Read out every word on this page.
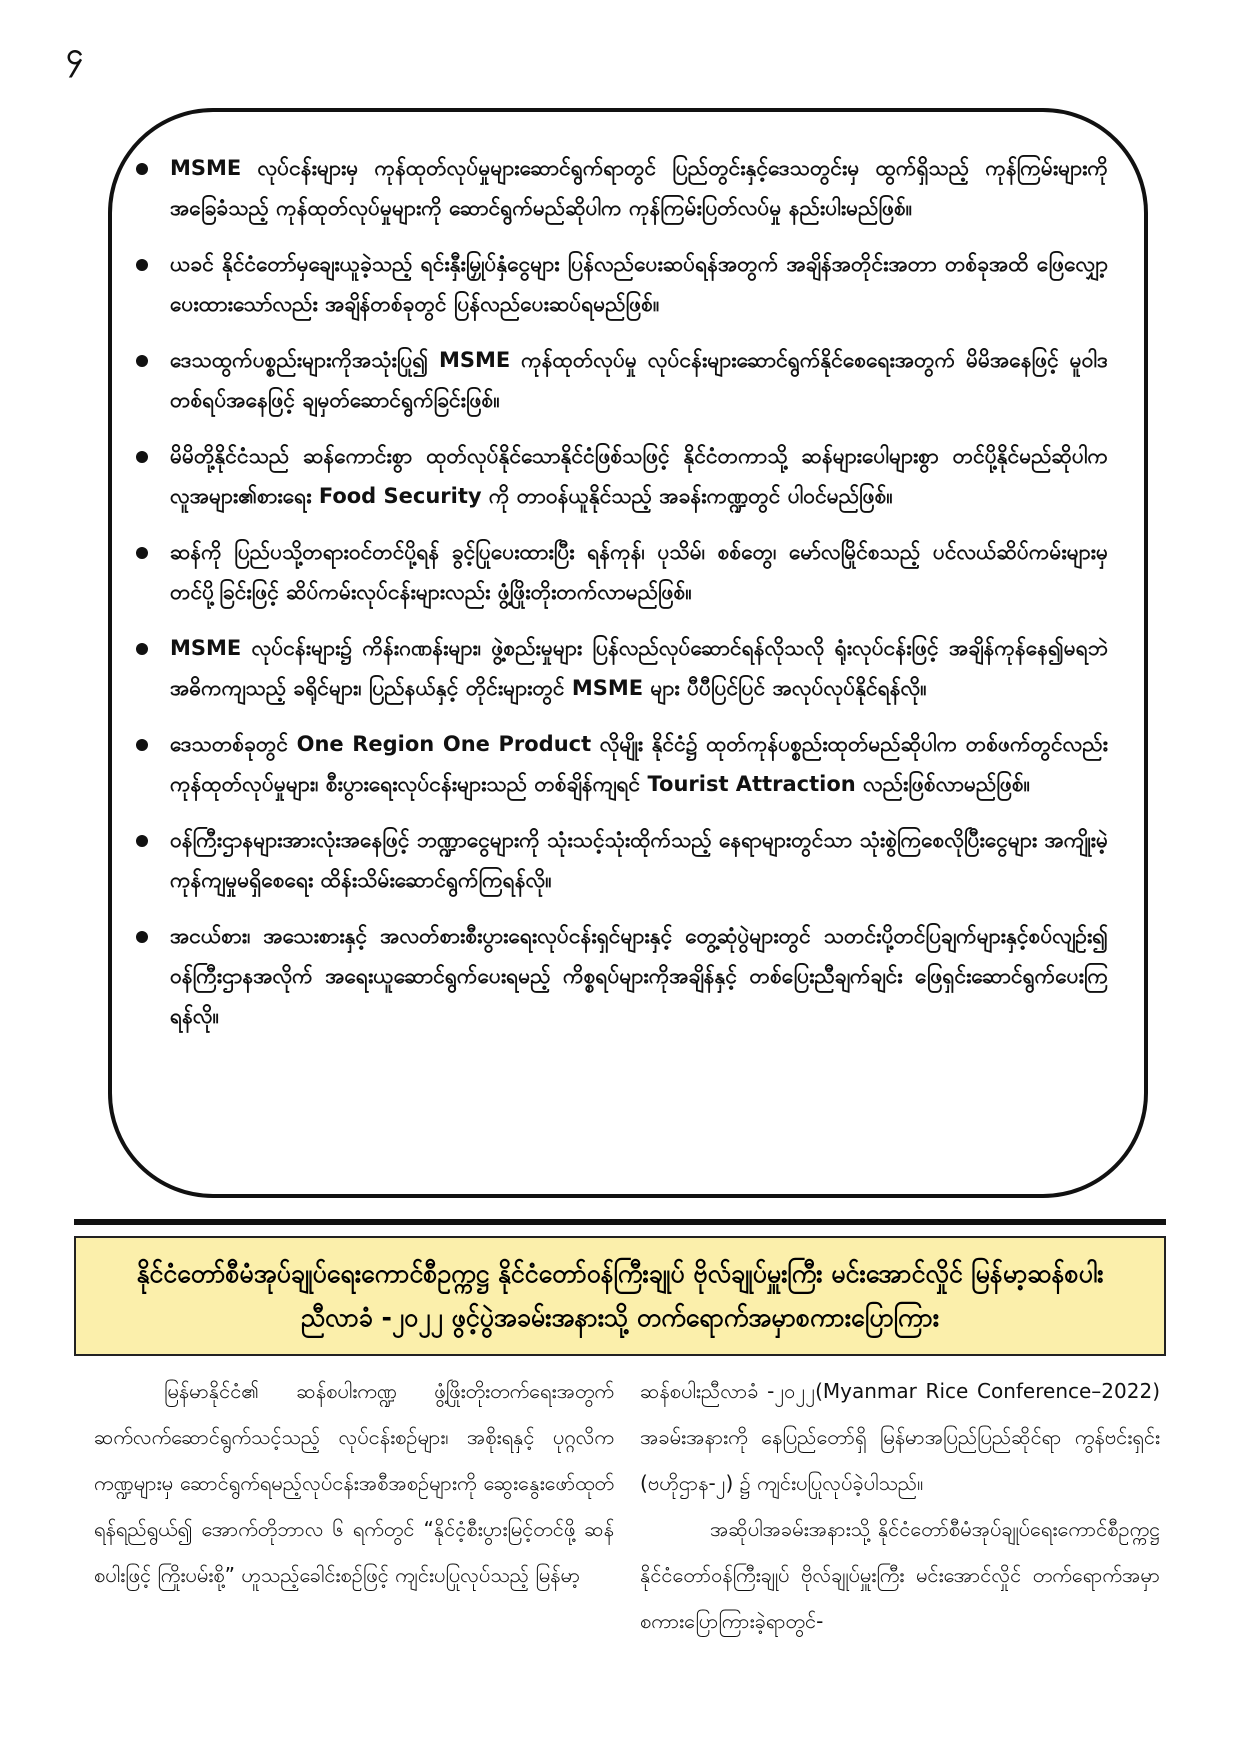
၄
MSME လုပ်ငန်းများမှ ကုန်ထုတ်လုပ်မှုများဆောင်ရွက်ရာတွင် ပြည်တွင်းနှင့်ဒေသတွင်းမှ ထွက်ရှိသည့် ကုန်ကြမ်းများကို အခြေခံသည့် ကုန်ထုတ်လုပ်မှုများကို ဆောင်ရွက်မည်ဆိုပါက ကုန်ကြမ်းပြတ်လပ်မှု နည်းပါးမည်ဖြစ်။
ယခင် နိုင်ငံတော်မှချေးယူခဲ့သည့် ရင်းနှီးမြှုပ်နှံငွေများ ပြန်လည်ပေးဆပ်ရန်အတွက် အချိန်အတိုင်းအတာ တစ်ခုအထိ ဖြေလျှော့ပေးထားသော်လည်း အချိန်တစ်ခုတွင် ပြန်လည်ပေးဆပ်ရမည်ဖြစ်။
ဒေသထွက်ပစ္စည်းများကိုအသုံးပြု၍ MSME ကုန်ထုတ်လုပ်မှု လုပ်ငန်းများဆောင်ရွက်နိုင်စေရေးအတွက် မိမိအနေဖြင့် မူဝါဒတစ်ရပ်အနေဖြင့် ချမှတ်ဆောင်ရွက်ခြင်းဖြစ်။
မိမိတို့နိုင်ငံသည် ဆန်ကောင်းစွာ ထုတ်လုပ်နိုင်သောနိုင်ငံဖြစ်သဖြင့် နိုင်ငံတကာသို့ ဆန်များပေါများစွာ တင်ပို့နိုင်မည်ဆိုပါက လူအများ၏စားရေး Food Security ကို တာဝန်ယူနိုင်သည့် အခန်းကဏ္ဍတွင် ပါဝင်မည်ဖြစ်။
ဆန်ကို ပြည်ပသို့တရားဝင်တင်ပို့ရန် ခွင့်ပြုပေးထားပြီး ရန်ကုန်၊ ပုသိမ်၊ စစ်တွေ၊ မော်လမြိုင်စသည့် ပင်လယ်ဆိပ်ကမ်းများမှ တင်ပို့ခြင်းဖြင့် ဆိပ်ကမ်းလုပ်ငန်းများလည်း ဖွံ့ဖြိုးတိုးတက်လာမည်ဖြစ်။
MSME လုပ်ငန်းများ၌ ကိန်းဂဏန်းများ၊ ဖွဲ့စည်းမှုများ ပြန်လည်လုပ်ဆောင်ရန်လိုသလို ရုံးလုပ်ငန်းဖြင့် အချိန်ကုန်နေ၍မရဘဲ အဓိကကျသည့် ခရိုင်များ၊ ပြည်နယ်နှင့် တိုင်းများတွင် MSME များ ပီပီပြင်ပြင် အလုပ်လုပ်နိုင်ရန်လို။
ဒေသတစ်ခုတွင် One Region One Product လိုမျိုး နိုင်ငံ၌ ထုတ်ကုန်ပစ္စည်းထုတ်မည်ဆိုပါက တစ်ဖက်တွင်လည်း ကုန်ထုတ်လုပ်မှုများ၊ စီးပွားရေးလုပ်ငန်းများသည် တစ်ချိန်ကျရင် Tourist Attraction လည်းဖြစ်လာမည်ဖြစ်။
ဝန်ကြီးဌာနများအားလုံးအနေဖြင့် ဘဏ္ဍာငွေများကို သုံးသင့်သုံးထိုက်သည့် နေရာများတွင်သာ သုံးစွဲကြစေလိုပြီးငွေများ အကျိုးမဲ့ကုန်ကျမှုမရှိစေရေး ထိန်းသိမ်းဆောင်ရွက်ကြရန်လို။
အငယ်စား၊ အသေးစားနှင့် အလတ်စားစီးပွားရေးလုပ်ငန်းရှင်များနှင့် တွေ့ဆုံပွဲများတွင် သတင်းပို့တင်ပြချက်များနှင့်စပ်လျဉ်း၍ ဝန်ကြီးဌာနအလိုက် အရေးယူဆောင်ရွက်ပေးရမည့် ကိစ္စရပ်များကိုအချိန်နှင့် တစ်ပြေးညီချက်ချင်း ဖြေရှင်းဆောင်ရွက်ပေးကြရန်လို။
နိုင်ငံတော်စီမံအုပ်ချုပ်ရေးကောင်စီဥက္ကဋ္ဌ နိုင်ငံတော်ဝန်ကြီးချုပ် ဗိုလ်ချုပ်မှူးကြီး မင်းအောင်လှိုင် မြန်မာ့ဆန်စပါးညီလာခံ -၂၀၂၂ ဖွင့်ပွဲအခမ်းအနားသို့ တက်ရောက်အမှာစကားပြောကြား

မြန်မာနိုင်ငံ၏ ဆန်စပါးကဏ္ဍ ဖွံ့ဖြိုးတိုးတက်ရေးအတွက် ဆက်လက်ဆောင်ရွက်သင့်သည့် လုပ်ငန်းစဉ်များ၊ အစိုးရနှင့် ပုဂ္ဂလိကကဏ္ဍများမှ ဆောင်ရွက်ရမည့်လုပ်ငန်းအစီအစဉ်များကို ဆွေးနွေးဖော်ထုတ်ရန်ရည်ရွယ်၍ အောက်တိုဘာလ ၆ ရက်တွင် “နိုင်ငံ့စီးပွားမြင့်တင်ဖို့ ဆန်စပါးဖြင့် ကြိုးပမ်းစို့” ဟူသည့်ခေါင်းစဉ်ဖြင့် ကျင်းပပြုလုပ်သည့် မြန်မာ့

ဆန်စပါးညီလာခံ -၂၀၂၂(Myanmar Rice Conference–2022) အခမ်းအနားကို နေပြည်တော်ရှိ မြန်မာအပြည်ပြည်ဆိုင်ရာ ကွန်ဗင်းရှင်း (ဗဟိုဌာန-၂) ၌ ကျင်းပပြုလုပ်ခဲ့ပါသည်။

အဆိုပါအခမ်းအနားသို့ နိုင်ငံတော်စီမံအုပ်ချုပ်ရေးကောင်စီဥက္ကဋ္ဌ နိုင်ငံတော်ဝန်ကြီးချုပ် ဗိုလ်ချုပ်မှူးကြီး မင်းအောင်လှိုင် တက်ရောက်အမှာစကားပြောကြားခဲ့ရာတွင်-
